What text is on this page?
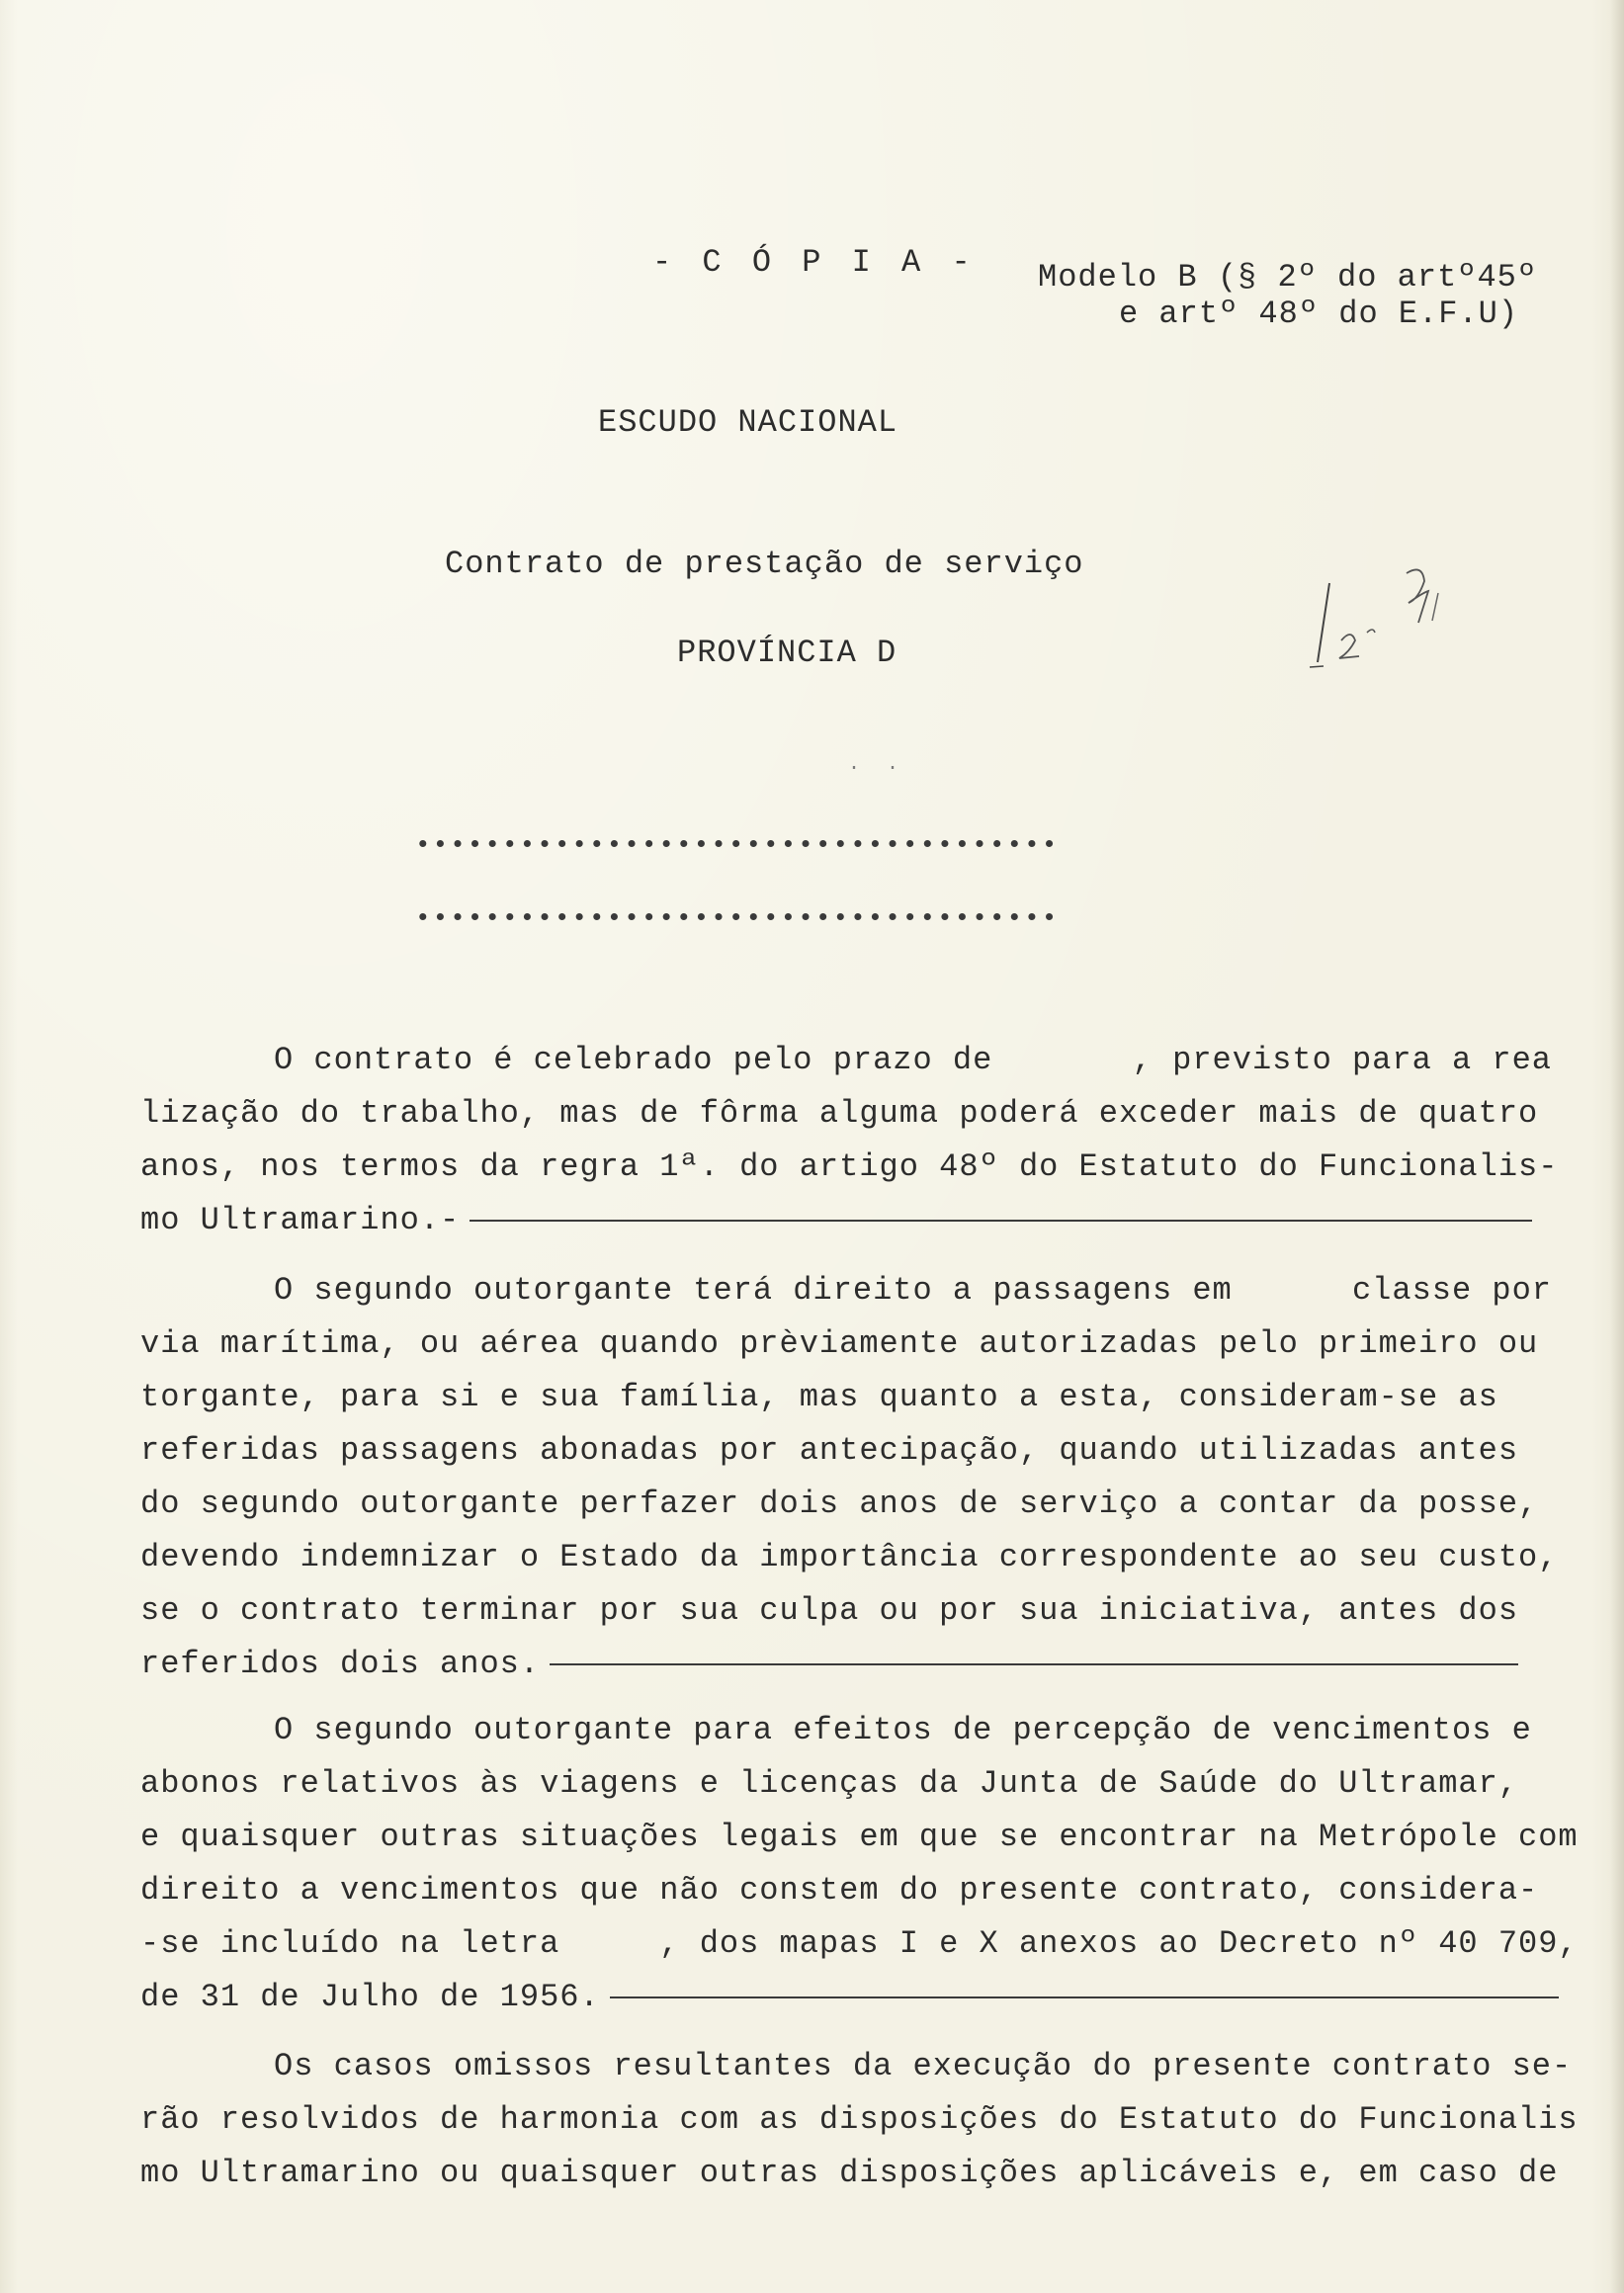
- C Ó P I A - Modelo B (§ 2º do artº45º
e artº 48º do E.F.U)
ESCUDO NACIONAL
Contrato de prestação de serviço
PROVÍNCIA D
·  ·
•••••••••••••••••••••••••••••••••••••
•••••••••••••••••••••••••••••••••••••
O contrato é celebrado pelo prazo de       , previsto para a rea
lização do trabalho, mas de fôrma alguma poderá exceder mais de quatro
anos, nos termos da regra 1ª. do artigo 48º do Estatuto do Funcionalis-
mo Ultramarino.-
O segundo outorgante terá direito a passagens em      classe por
via marítima, ou aérea quando prèviamente autorizadas pelo primeiro ou
torgante, para si e sua família, mas quanto a esta, consideram-se as
referidas passagens abonadas por antecipação, quando utilizadas antes
do segundo outorgante perfazer dois anos de serviço a contar da posse,
devendo indemnizar o Estado da importância correspondente ao seu custo,
se o contrato terminar por sua culpa ou por sua iniciativa, antes dos
referidos dois anos.
O segundo outorgante para efeitos de percepção de vencimentos e
abonos relativos às viagens e licenças da Junta de Saúde do Ultramar,
e quaisquer outras situações legais em que se encontrar na Metrópole com
direito a vencimentos que não constem do presente contrato, considera-
-se incluído na letra     , dos mapas I e X anexos ao Decreto nº 40 709,
de 31 de Julho de 1956.
Os casos omissos resultantes da execução do presente contrato se-
rão resolvidos de harmonia com as disposições do Estatuto do Funcionalis
mo Ultramarino ou quaisquer outras disposições aplicáveis e, em caso de
